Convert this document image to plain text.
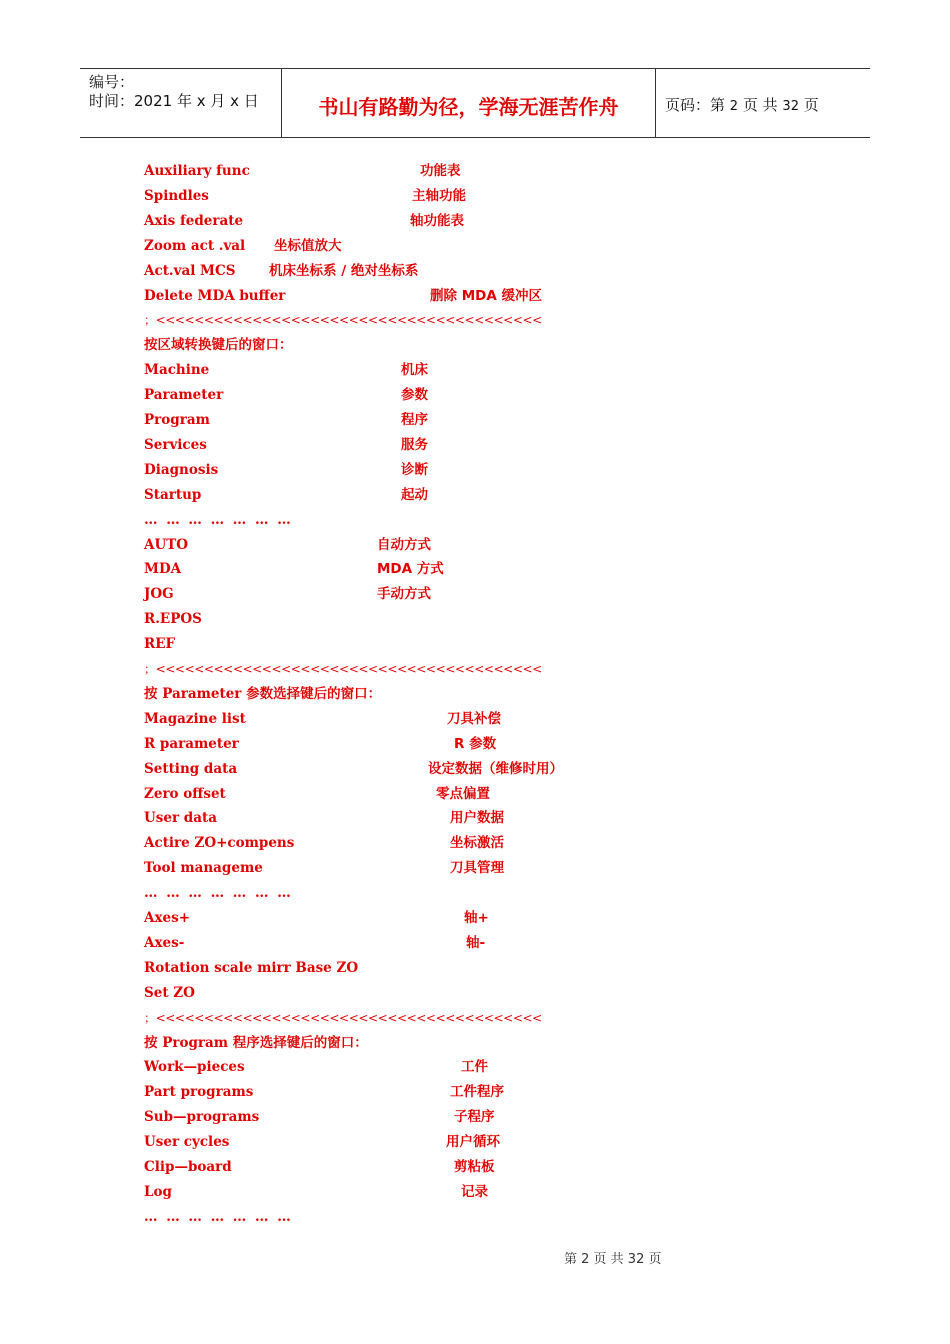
编号：
时间：2021 年 x 月 x 日	书山有路勤为径，学海无涯苦作舟	页码：第 2 页 共 32 页
Auxiliary func	功能表
Spindles	主轴功能
Axis federate	轴功能表
Zoom act .val 坐标值放大
Act.val MCS 机床坐标系 / 绝对坐标系
Delete MDA buffer	删除 MDA 缓冲区
；<<<<<<<<<<<<<<<<<<<<<<<<<<<<<<<<<<<<<<<<
按区域转换键后的窗口：
Machine	机床
Parameter	参数
Program	程序
Services	服务
Diagnosis	诊断
Startup	起动
… … … … … … …
AUTO	自动方式
MDA	MDA 方式
JOG	手动方式
R.EPOS
REF
；<<<<<<<<<<<<<<<<<<<<<<<<<<<<<<<<<<<<<<<<
按 Parameter 参数选择键后的窗口：
Magazine list	刀具补偿
R parameter	R 参数
Setting data	设定数据（维修时用）
Zero offset	零点偏置
User data	用户数据
Actire ZO+compens	坐标激活
Tool manageme	刀具管理
… … … … … … …
Axes+	轴+
Axes-	轴-
Rotation scale mirr Base ZO
Set ZO
；<<<<<<<<<<<<<<<<<<<<<<<<<<<<<<<<<<<<<<<<
按 Program 程序选择键后的窗口：
Work—pieces	工件
Part programs	工件程序
Sub—programs	子程序
User cycles	用户循环
Clip—board	剪粘板
Log	记录
… … … … … … …
第 2 页 共 32 页
